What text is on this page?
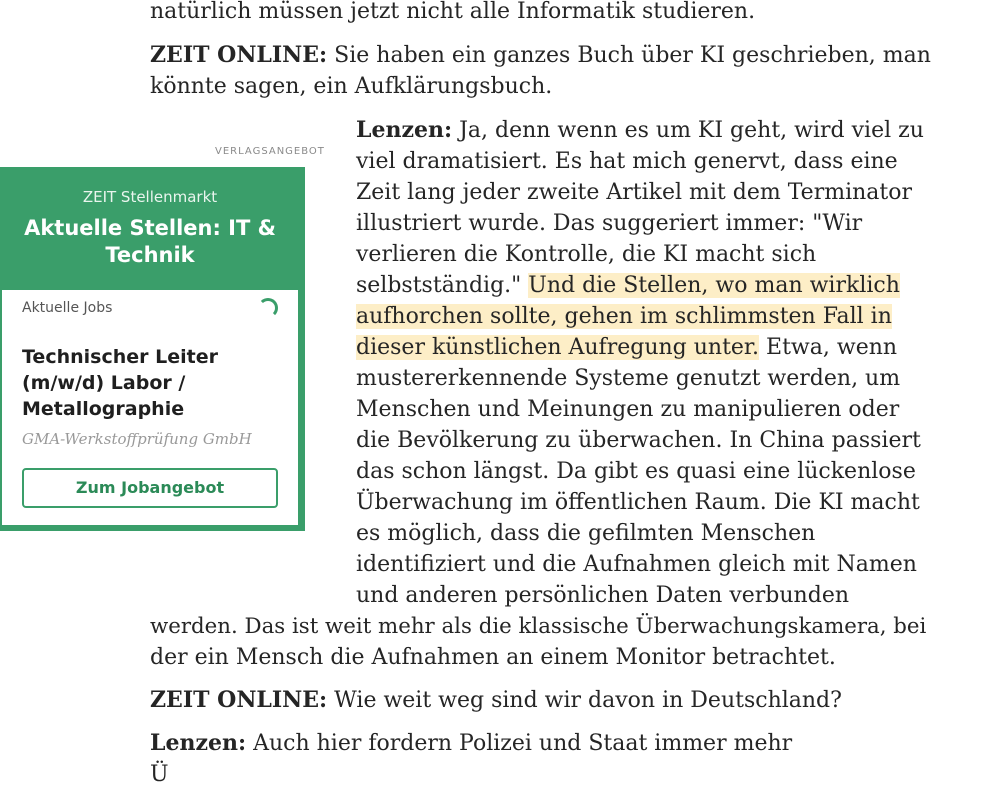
natürlich müssen jetzt nicht alle Informatik studieren.
ZEIT ONLINE: Sie haben ein ganzes Buch über KI geschrieben, man
könnte sagen, ein Aufklärungsbuch.
Lenzen: Ja, denn wenn es um KI geht, wird viel zu
viel dramatisiert. Es hat mich genervt, dass eine
Zeit lang jeder zweite Artikel mit dem Terminator
illustriert wurde. Das suggeriert immer: "Wir
verlieren die Kontrolle, die KI macht sich
selbstständig." Und die Stellen, wo man wirklich
aufhorchen sollte, gehen im schlimmsten Fall in
dieser künstlichen Aufregung unter. Etwa, wenn
mustererkennende Systeme genutzt werden, um
Menschen und Meinungen zu manipulieren oder
die Bevölkerung zu überwachen. In China passiert
das schon längst. Da gibt es quasi eine lückenlose
Überwachung im öffentlichen Raum. Die KI macht
es möglich, dass die gefilmten Menschen
identifiziert und die Aufnahmen gleich mit Namen
und anderen persönlichen Daten verbunden
werden. Das ist weit mehr als die klassische Überwachungskamera, bei
der ein Mensch die Aufnahmen an einem Monitor betrachtet.
ZEIT ONLINE: Wie weit weg sind wir davon in Deutschland?
Lenzen: Auch hier fordern Polizei und Staat immer mehr
Ü
VERLAGSANGEBOT
ZEIT Stellenmarkt
Aktuelle Stellen: IT & Technik
Aktuelle Jobs
Technischer Leiter (m/w/d) Labor / Metallographie
GMA-Werkstoffprüfung GmbH
Zum Jobangebot
